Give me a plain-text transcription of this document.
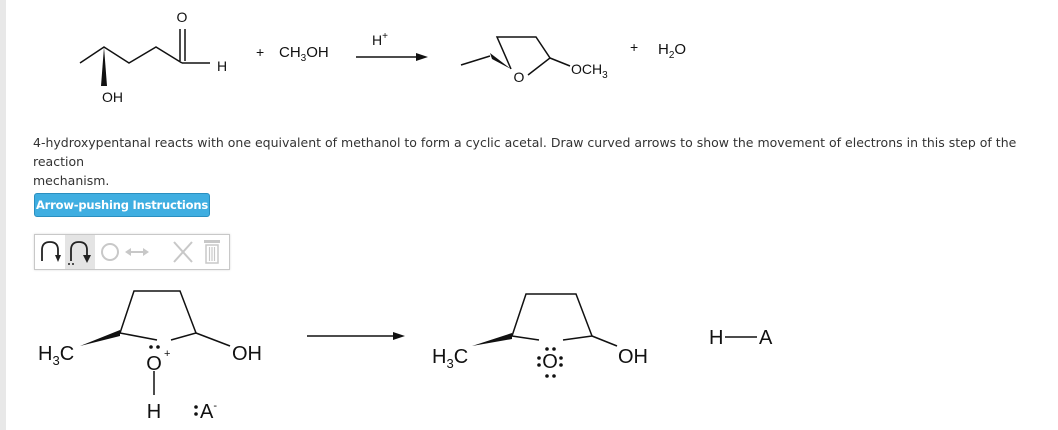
O
H
OH
+ $CH_3OH$
H+
O	$OCH_3$
+ $H_2O$
4-hydroxypentanal reacts with one equivalent of methanol to form a cyclic acetal. Draw curved arrows to show the movement of electrons in this step of the reaction
mechanism.
Arrow-pushing Instructions
$H_3C$	O +	OH
H A-
$H_3C$	O	OH
H A
